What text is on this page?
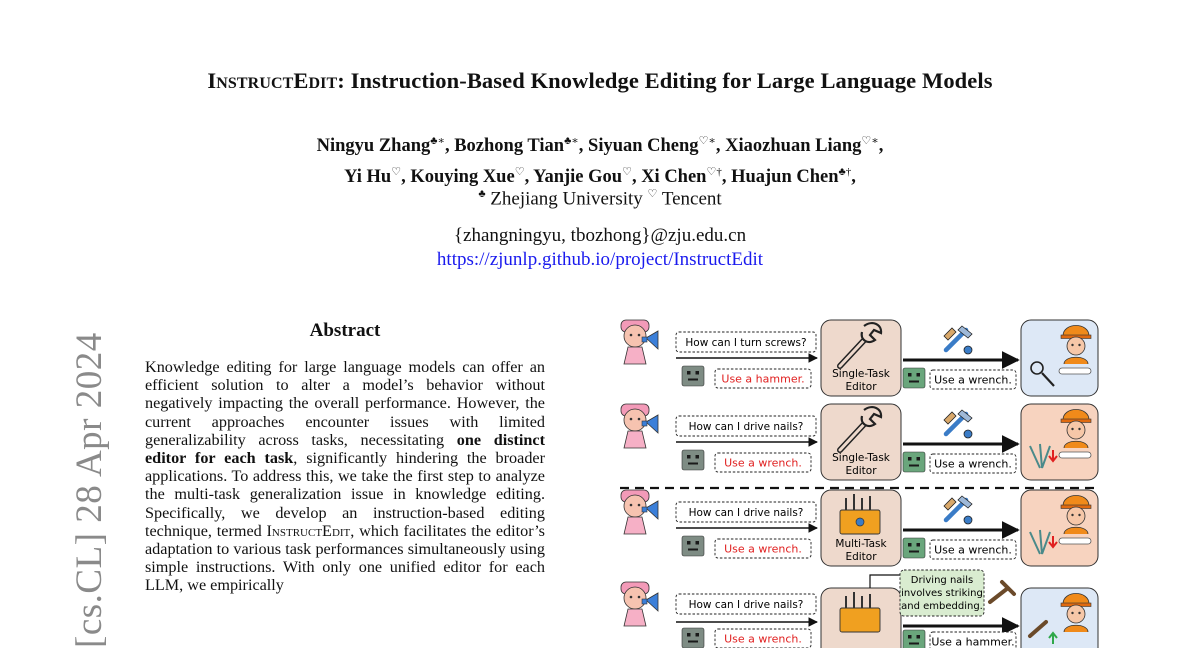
InstructEdit: Instruction-Based Knowledge Editing for Large Language Models
Ningyu Zhang♣∗, Bozhong Tian♣∗, Siyuan Cheng♡∗, Xiaozhuan Liang♡∗,
Yi Hu♡, Kouying Xue♡, Yanjie Gou♡, Xi Chen♡†, Huajun Chen♣†,
♣ Zhejiang University ♡ Tencent
{zhangningyu, tbozhong}@zju.edu.cn
https://zjunlp.github.io/project/InstructEdit
[cs.CL] 28 Apr 2024
Abstract
Knowledge editing for large language models can offer an efficient solution to alter a model’s behavior without negatively impacting the overall performance. However, the current approaches encounter issues with limited generalizability across tasks, necessitating one distinct editor for each task, significantly hindering the broader applications. To address this, we take the first step to analyze the multi-task generalization issue in knowledge editing. Specifically, we develop an instruction-based editing technique, termed InstructEdit, which facilitates the editor’s adaptation to various task performances simultaneously using simple instructions. With only one unified editor for each LLM, we empirically
How can I turn screws?
Use a hammer.	Single-Task
Editor
Use a wrench.
How can I drive nails?
Use a wrench.	Single-Task
Editor
Use a wrench.
How can I drive nails?
Use a wrench.	Multi-Task
Editor
Use a wrench.
How can I drive nails?
Use a wrench.
Driving nails
involves striking
and embedding.
Use a hammer.
